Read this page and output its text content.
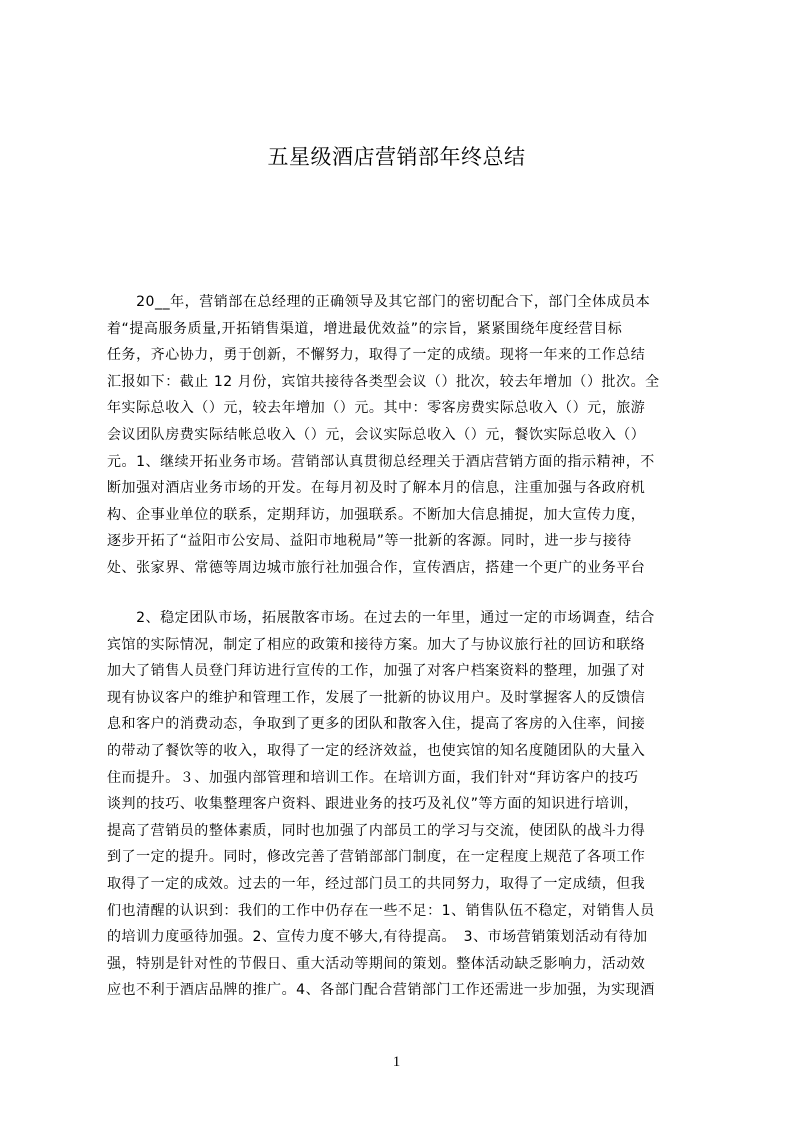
五星级酒店营销部年终总结
　　20__年，营销部在总经理的正确领导及其它部门的密切配合下，部门全体成员本
着“提高服务质量,开拓销售渠道，增进最优效益”的宗旨，紧紧围绕年度经营目标
任务，齐心协力，勇于创新，不懈努力，取得了一定的成绩。现将一年来的工作总结
汇报如下：截止 12 月份，宾馆共接待各类型会议（）批次，较去年增加（）批次。全
年实际总收入（）元，较去年增加（）元。其中：零客房费实际总收入（）元，旅游
会议团队房费实际结帐总收入（）元，会议实际总收入（）元，餐饮实际总收入（）
元。1、继续开拓业务市场。营销部认真贯彻总经理关于酒店营销方面的指示精神，不
断加强对酒店业务市场的开发。在每月初及时了解本月的信息，注重加强与各政府机
构、企事业单位的联系，定期拜访，加强联系。不断加大信息捕捉，加大宣传力度，
逐步开拓了“益阳市公安局、益阳市地税局”等一批新的客源。同时，进一步与接待
处、张家界、常德等周边城市旅行社加强合作，宣传酒店，搭建一个更广的业务平台
　　2、稳定团队市场，拓展散客市场。在过去的一年里，通过一定的市场调查，结合
宾馆的实际情况，制定了相应的政策和接待方案。加大了与协议旅行社的回访和联络
加大了销售人员登门拜访进行宣传的工作，加强了对客户档案资料的整理，加强了对
现有协议客户的维护和管理工作，发展了一批新的协议用户。及时掌握客人的反馈信
息和客户的消费动态，争取到了更多的团队和散客入住，提高了客房的入住率，间接
的带动了餐饮等的收入，取得了一定的经济效益，也使宾馆的知名度随团队的大量入
住而提升。３、加强内部管理和培训工作。在培训方面，我们针对“拜访客户的技巧
谈判的技巧、收集整理客户资料、跟进业务的技巧及礼仪”等方面的知识进行培训，
提高了营销员的整体素质，同时也加强了内部员工的学习与交流，使团队的战斗力得
到了一定的提升。同时，修改完善了营销部部门制度，在一定程度上规范了各项工作
取得了一定的成效。过去的一年，经过部门员工的共同努力，取得了一定成绩，但我
们也清醒的认识到：我们的工作中仍存在一些不足：1、销售队伍不稳定，对销售人员
的培训力度亟待加强。2、宣传力度不够大,有待提高。　3、市场营销策划活动有待加
强，特别是针对性的节假日、重大活动等期间的策划。整体活动缺乏影响力，活动效
应也不利于酒店品牌的推广。4、各部门配合营销部门工作还需进一步加强，为实现酒
1
